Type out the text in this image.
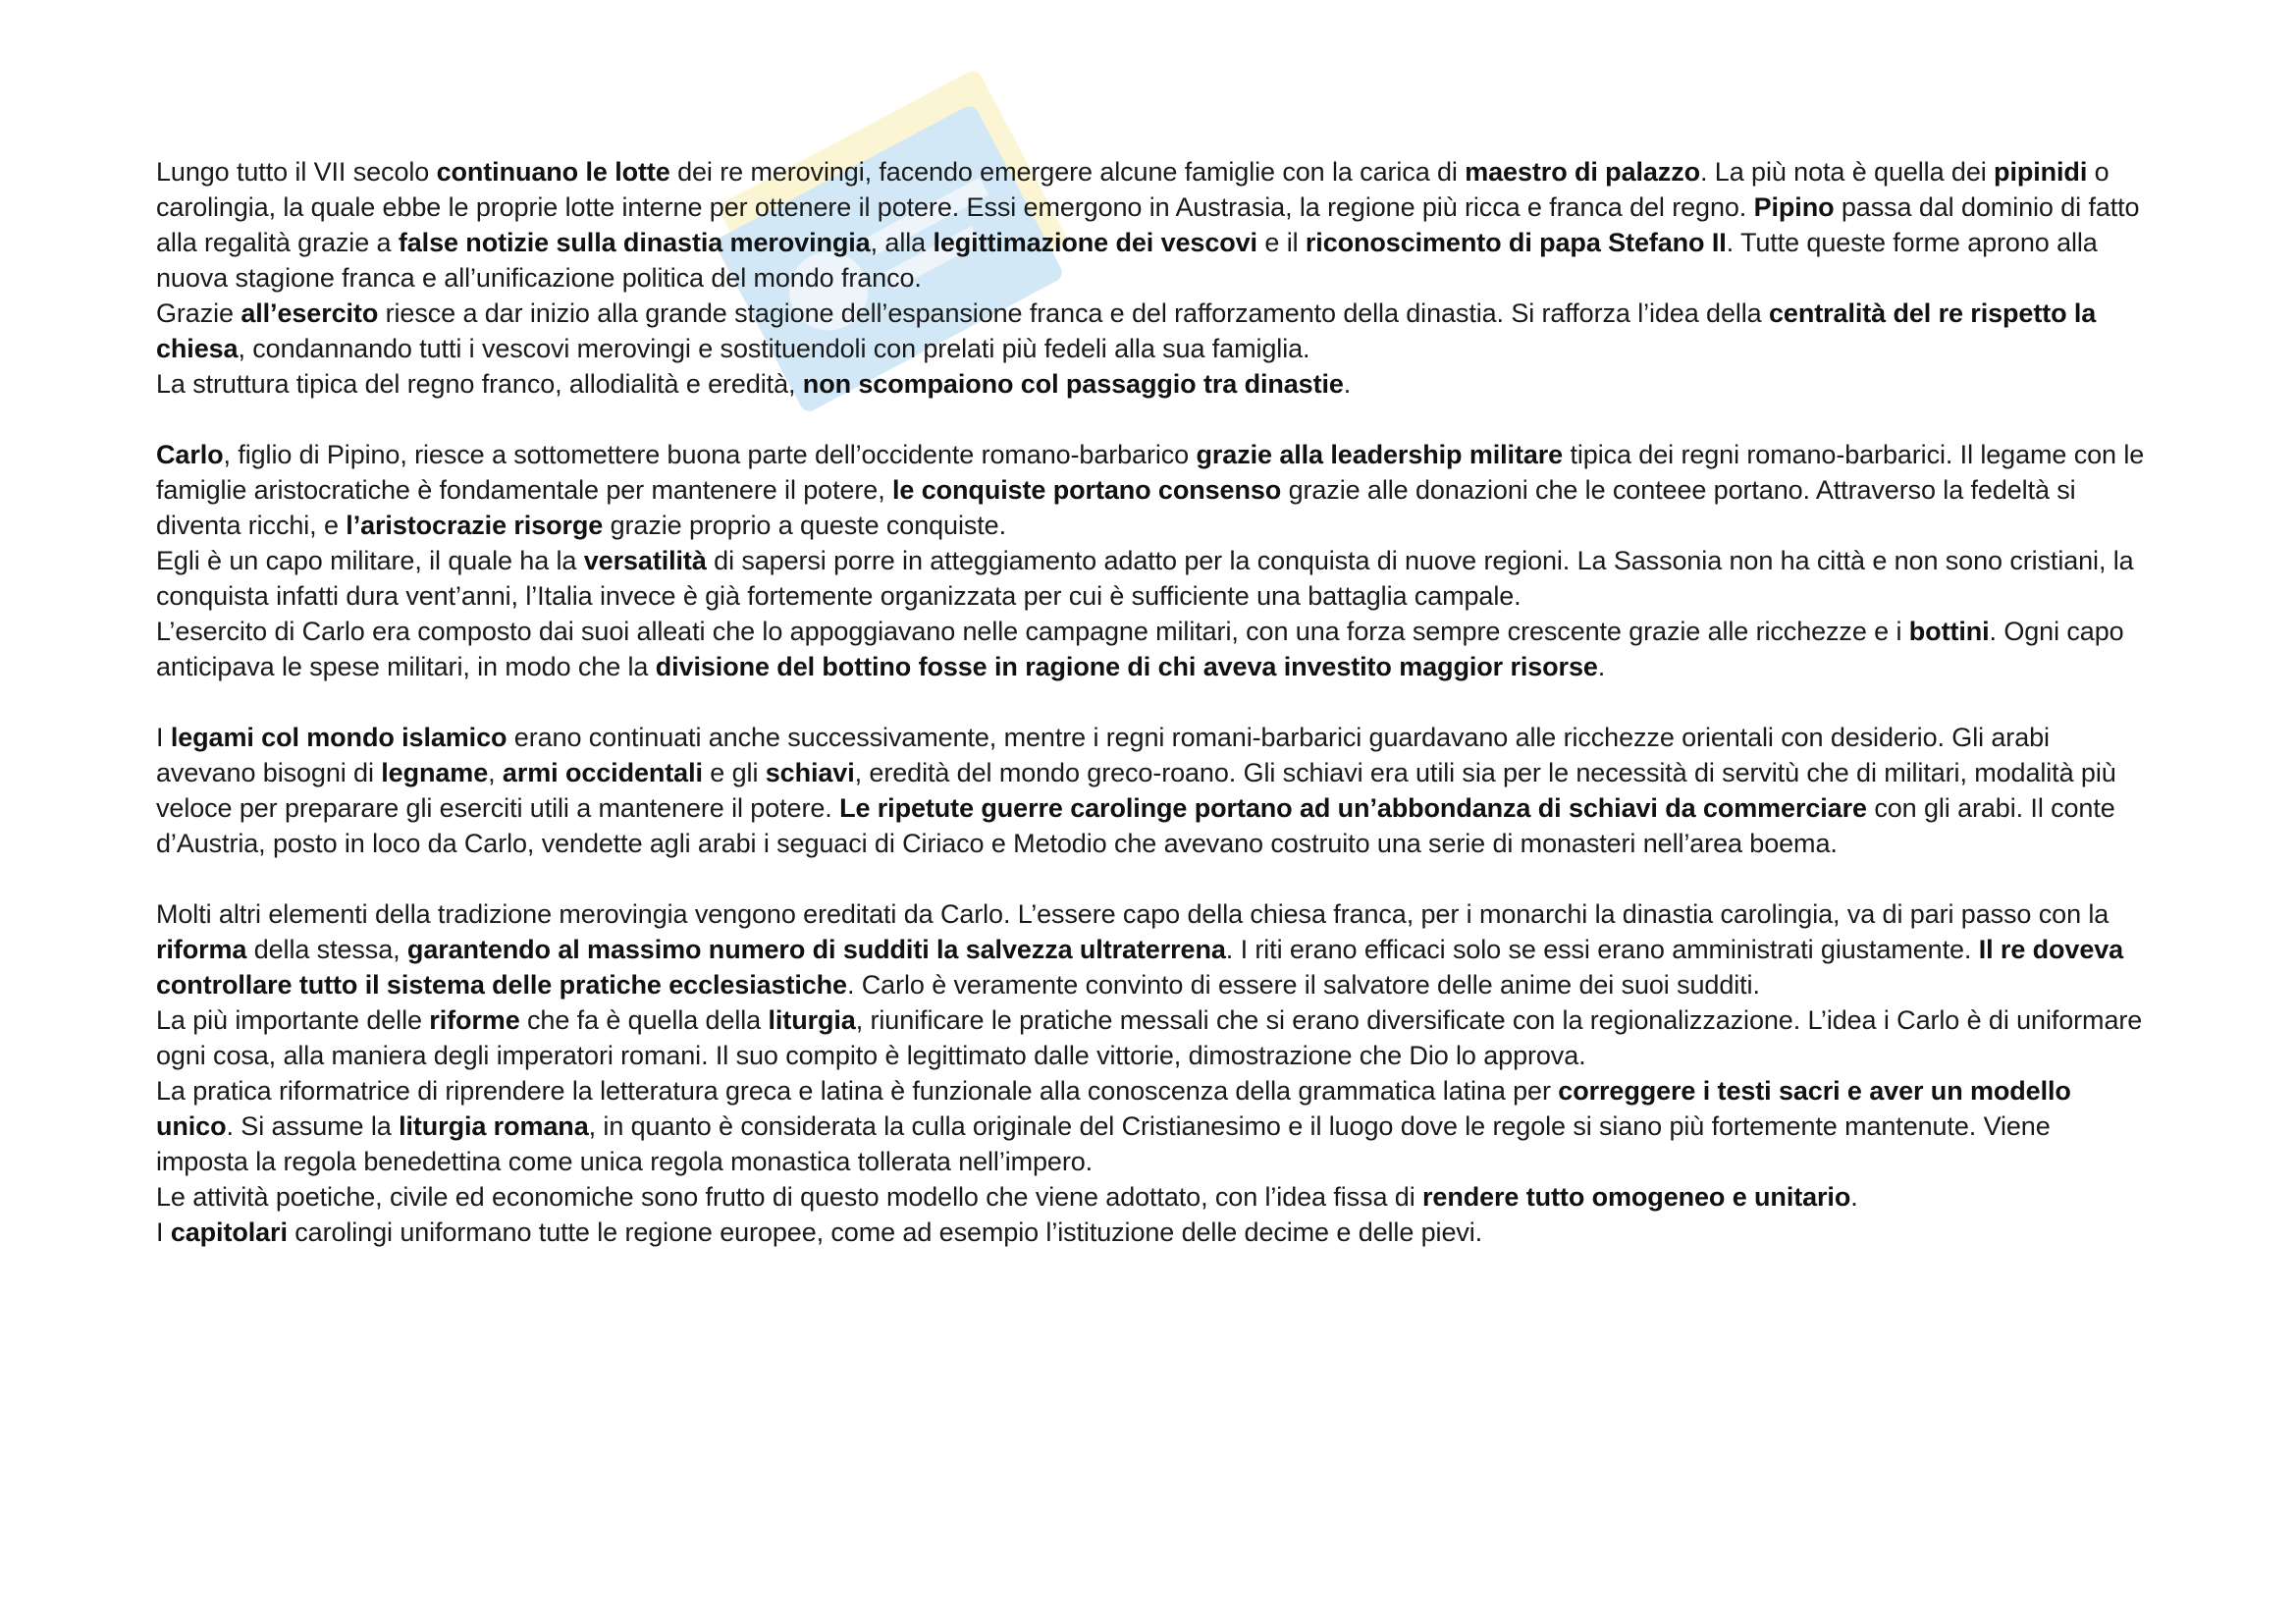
Lungo tutto il VII secolo continuano le lotte dei re merovingi, facendo emergere alcune famiglie con la carica di maestro di palazzo. La più nota è quella dei pipinidi o carolingia, la quale ebbe le proprie lotte interne per ottenere il potere. Essi emergono in Austrasia, la regione più ricca e franca del regno. Pipino passa dal dominio di fatto alla regalità grazie a false notizie sulla dinastia merovingia, alla legittimazione dei vescovi e il riconoscimento di papa Stefano II. Tutte queste forme aprono alla nuova stagione franca e all’unificazione politica del mondo franco.
Grazie all’esercito riesce a dar inizio alla grande stagione dell’espansione franca e del rafforzamento della dinastia. Si rafforza l’idea della centralità del re rispetto la chiesa, condannando tutti i vescovi merovingi e sostituendoli con prelati più fedeli alla sua famiglia.
La struttura tipica del regno franco, allodialità e eredità, non scompaiono col passaggio tra dinastie.
Carlo, figlio di Pipino, riesce a sottomettere buona parte dell’occidente romano-barbarico grazie alla leadership militare tipica dei regni romano-barbarici. Il legame con le famiglie aristocratiche è fondamentale per mantenere il potere, le conquiste portano consenso grazie alle donazioni che le conteee portano. Attraverso la fedeltà si diventa ricchi, e l’aristocrazie risorge grazie proprio a queste conquiste.
Egli è un capo militare, il quale ha la versatilità di sapersi porre in atteggiamento adatto per la conquista di nuove regioni. La Sassonia non ha città e non sono cristiani, la conquista infatti dura vent’anni, l’Italia invece è già fortemente organizzata per cui è sufficiente una battaglia campale.
L’esercito di Carlo era composto dai suoi alleati che lo appoggiavano nelle campagne militari, con una forza sempre crescente grazie alle ricchezze e i bottini. Ogni capo anticipava le spese militari, in modo che la divisione del bottino fosse in ragione di chi aveva investito maggior risorse.
I legami col mondo islamico erano continuati anche successivamente, mentre i regni romani-barbarici guardavano alle ricchezze orientali con desiderio. Gli arabi avevano bisogni di legname, armi occidentali e gli schiavi, eredità del mondo greco-roano. Gli schiavi era utili sia per le necessità di servitù che di militari, modalità più veloce per preparare gli eserciti utili a mantenere il potere. Le ripetute guerre carolinge portano ad un’abbondanza di schiavi da commerciare con gli arabi. Il conte d’Austria, posto in loco da Carlo, vendette agli arabi i seguaci di Ciriaco e Metodio che avevano costruito una serie di monasteri nell’area boema.
Molti altri elementi della tradizione merovingia vengono ereditati da Carlo. L’essere capo della chiesa franca, per i monarchi la dinastia carolingia, va di pari passo con la riforma della stessa, garantendo al massimo numero di sudditi la salvezza ultraterrena. I riti erano efficaci solo se essi erano amministrati giustamente. Il re doveva controllare tutto il sistema delle pratiche ecclesiastiche. Carlo è veramente convinto di essere il salvatore delle anime dei suoi sudditi.
La più importante delle riforme che fa è quella della liturgia, riunificare le pratiche messali che si erano diversificate con la regionalizzazione. L’idea i Carlo è di uniformare ogni cosa, alla maniera degli imperatori romani. Il suo compito è legittimato dalle vittorie, dimostrazione che Dio lo approva.
La pratica riformatrice di riprendere la letteratura greca e latina è funzionale alla conoscenza della grammatica latina per correggere i testi sacri e aver un modello unico. Si assume la liturgia romana, in quanto è considerata la culla originale del Cristianesimo e il luogo dove le regole si siano più fortemente mantenute. Viene imposta la regola benedettina come unica regola monastica tollerata nell’impero.
Le attività poetiche, civile ed economiche sono frutto di questo modello che viene adottato, con l’idea fissa di rendere tutto omogeneo e unitario.
I capitolari carolingi uniformano tutte le regione europee, come ad esempio l’istituzione delle decime e delle pievi.
